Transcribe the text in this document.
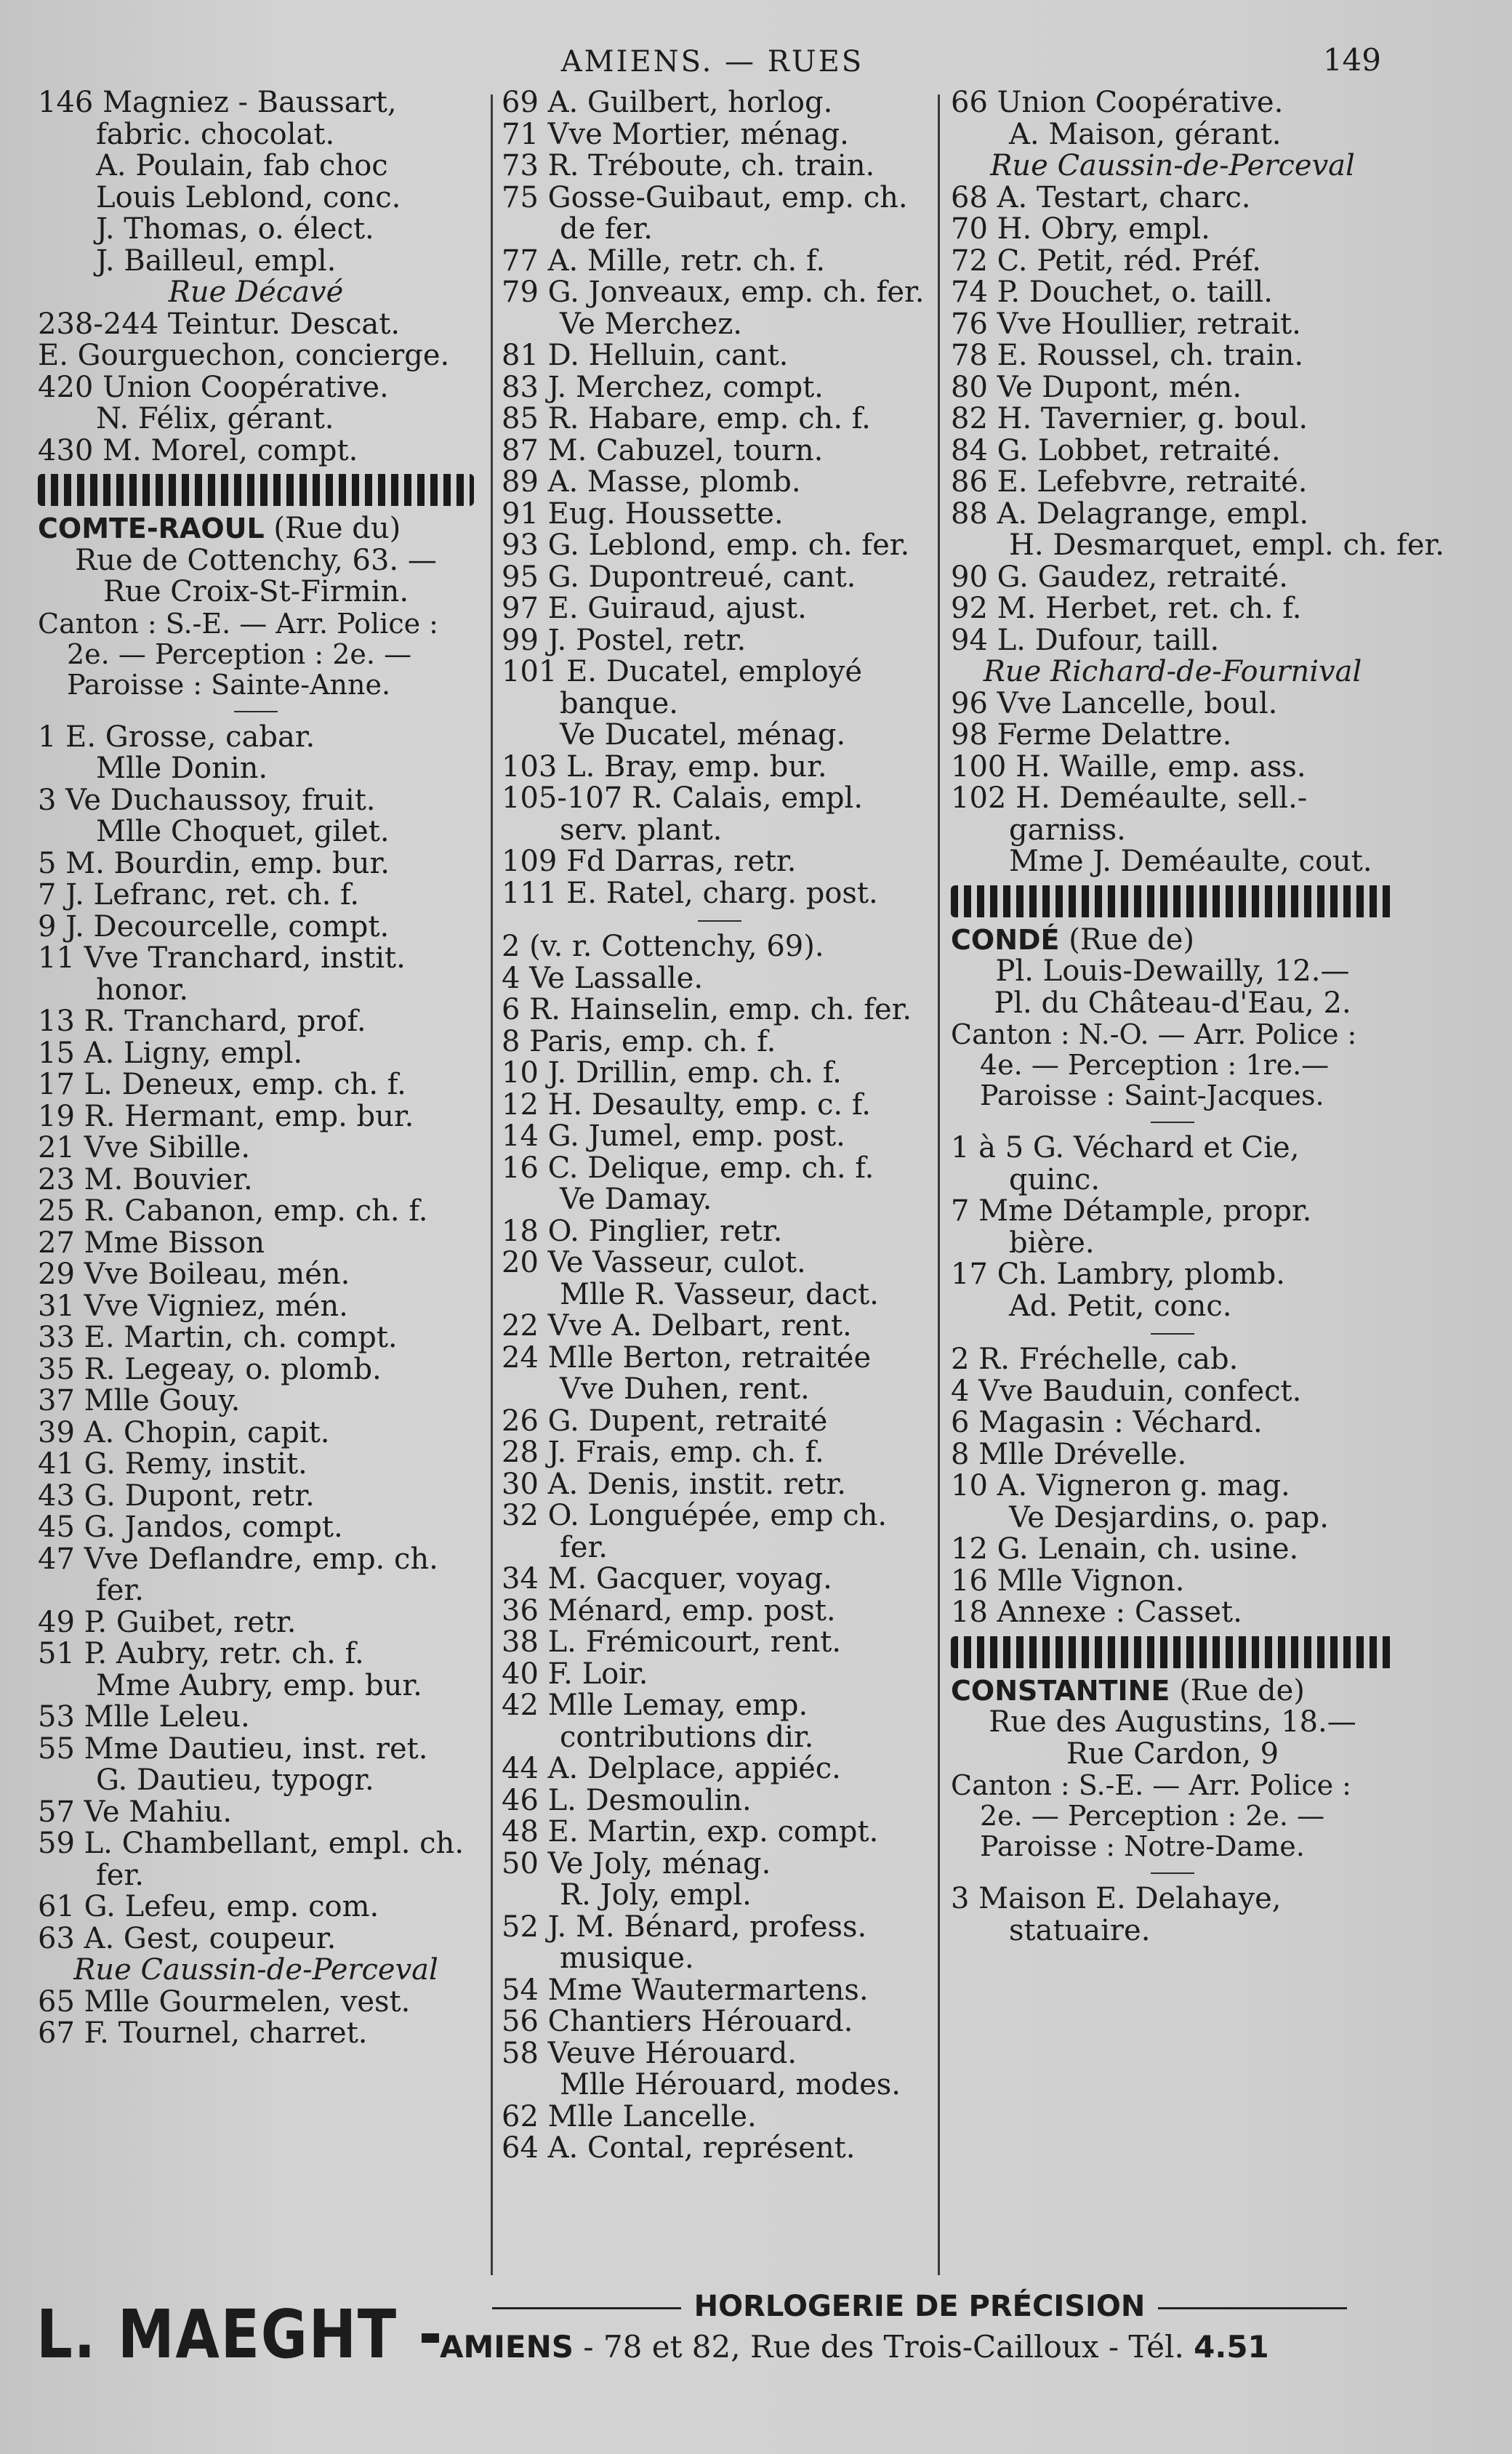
AMIENS. — RUES	149
146 Magniez - Baussart, fabric. chocolat.
A. Poulain, fab choc
Louis Leblond, conc.
J. Thomas, o. élect.
J. Bailleul, empl.
Rue Décavé
238-244 Teintur. Descat.
E. Gourguechon, concierge.
420 Union Coopérative.
N. Félix, gérant.
430 M. Morel, compt.
COMTE-RAOUL (Rue du)
Rue de Cottenchy, 63. —
Rue Croix-St-Firmin.
Canton : S.-E. — Arr. Police : 2e. — Perception : 2e. — Paroisse : Sainte-Anne.
1 E. Grosse, cabar.
Mlle Donin.
3 Ve Duchaussoy, fruit.
Mlle Choquet, gilet.
5 M. Bourdin, emp. bur.
7 J. Lefranc, ret. ch. f.
9 J. Decourcelle, compt.
11 Vve Tranchard, instit. honor.
13 R. Tranchard, prof.
15 A. Ligny, empl.
17 L. Deneux, emp. ch. f.
19 R. Hermant, emp. bur.
21 Vve Sibille.
23 M. Bouvier.
25 R. Cabanon, emp. ch. f.
27 Mme Bisson
29 Vve Boileau, mén.
31 Vve Vigniez, mén.
33 E. Martin, ch. compt.
35 R. Legeay, o. plomb.
37 Mlle Gouy.
39 A. Chopin, capit.
41 G. Remy, instit.
43 G. Dupont, retr.
45 G. Jandos, compt.
47 Vve Deflandre, emp. ch. fer.
49 P. Guibet, retr.
51 P. Aubry, retr. ch. f.
Mme Aubry, emp. bur.
53 Mlle Leleu.
55 Mme Dautieu, inst. ret.
G. Dautieu, typogr.
57 Ve Mahiu.
59 L. Chambellant, empl. ch. fer.
61 G. Lefeu, emp. com.
63 A. Gest, coupeur.
Rue Caussin-de-Perceval
65 Mlle Gourmelen, vest.
67 F. Tournel, charret.
69 A. Guilbert, horlog.
71 Vve Mortier, ménag.
73 R. Tréboute, ch. train.
75 Gosse-Guibaut, emp. ch. de fer.
77 A. Mille, retr. ch. f.
79 G. Jonveaux, emp. ch. fer.
Ve Merchez.
81 D. Helluin, cant.
83 J. Merchez, compt.
85 R. Habare, emp. ch. f.
87 M. Cabuzel, tourn.
89 A. Masse, plomb.
91 Eug. Houssette.
93 G. Leblond, emp. ch. fer.
95 G. Dupontreué, cant.
97 E. Guiraud, ajust.
99 J. Postel, retr.
101 E. Ducatel, employé banque.
Ve Ducatel, ménag.
103 L. Bray, emp. bur.
105-107 R. Calais, empl. serv. plant.
109 Fd Darras, retr.
111 E. Ratel, charg. post.
2 (v. r. Cottenchy, 69).
4 Ve Lassalle.
6 R. Hainselin, emp. ch. fer.
8 Paris, emp. ch. f.
10 J. Drillin, emp. ch. f.
12 H. Desaulty, emp. c. f.
14 G. Jumel, emp. post.
16 C. Delique, emp. ch. f.
Ve Damay.
18 O. Pinglier, retr.
20 Ve Vasseur, culot.
Mlle R. Vasseur, dact.
22 Vve A. Delbart, rent.
24 Mlle Berton, retraitée
Vve Duhen, rent.
26 G. Dupent, retraité
28 J. Frais, emp. ch. f.
30 A. Denis, instit. retr.
32 O. Longuépée, emp ch. fer.
34 M. Gacquer, voyag.
36 Ménard, emp. post.
38 L. Frémicourt, rent.
40 F. Loir.
42 Mlle Lemay, emp. contributions dir.
44 A. Delplace, appiéc.
46 L. Desmoulin.
48 E. Martin, exp. compt.
50 Ve Joly, ménag.
R. Joly, empl.
52 J. M. Bénard, profess. musique.
54 Mme Wautermartens.
56 Chantiers Hérouard.
58 Veuve Hérouard.
Mlle Hérouard, modes.
62 Mlle Lancelle.
64 A. Contal, représent.
66 Union Coopérative.
A. Maison, gérant.
Rue Caussin-de-Perceval
68 A. Testart, charc.
70 H. Obry, empl.
72 C. Petit, réd. Préf.
74 P. Douchet, o. taill.
76 Vve Houllier, retrait.
78 E. Roussel, ch. train.
80 Ve Dupont, mén.
82 H. Tavernier, g. boul.
84 G. Lobbet, retraité.
86 E. Lefebvre, retraité.
88 A. Delagrange, empl.
H. Desmarquet, empl. ch. fer.
90 G. Gaudez, retraité.
92 M. Herbet, ret. ch. f.
94 L. Dufour, taill.
Rue Richard-de-Fournival
96 Vve Lancelle, boul.
98 Ferme Delattre.
100 H. Waille, emp. ass.
102 H. Deméaulte, sell.-garniss.
Mme J. Deméaulte, cout.
CONDÉ (Rue de)
Pl. Louis-Dewailly, 12.—
Pl. du Château-d'Eau, 2.
Canton : N.-O. — Arr. Police : 4e. — Perception : 1re.— Paroisse : Saint-Jacques.
1 à 5 G. Véchard et Cie, quinc.
7 Mme Détample, propr. bière.
17 Ch. Lambry, plomb.
Ad. Petit, conc.
2 R. Fréchelle, cab.
4 Vve Bauduin, confect.
6 Magasin : Véchard.
8 Mlle Drévelle.
10 A. Vigneron g. mag.
Ve Desjardins, o. pap.
12 G. Lenain, ch. usine.
16 Mlle Vignon.
18 Annexe : Casset.
CONSTANTINE (Rue de)
Rue des Augustins, 18.—
Rue Cardon, 9
Canton : S.-E. — Arr. Police : 2e. — Perception : 2e. — Paroisse : Notre-Dame.
3 Maison E. Delahaye, statuaire.
L. MAEGHT -	HORLOGERIE DE PRÉCISION
AMIENS - 78 et 82, Rue des Trois-Cailloux - Tél. 4.51
